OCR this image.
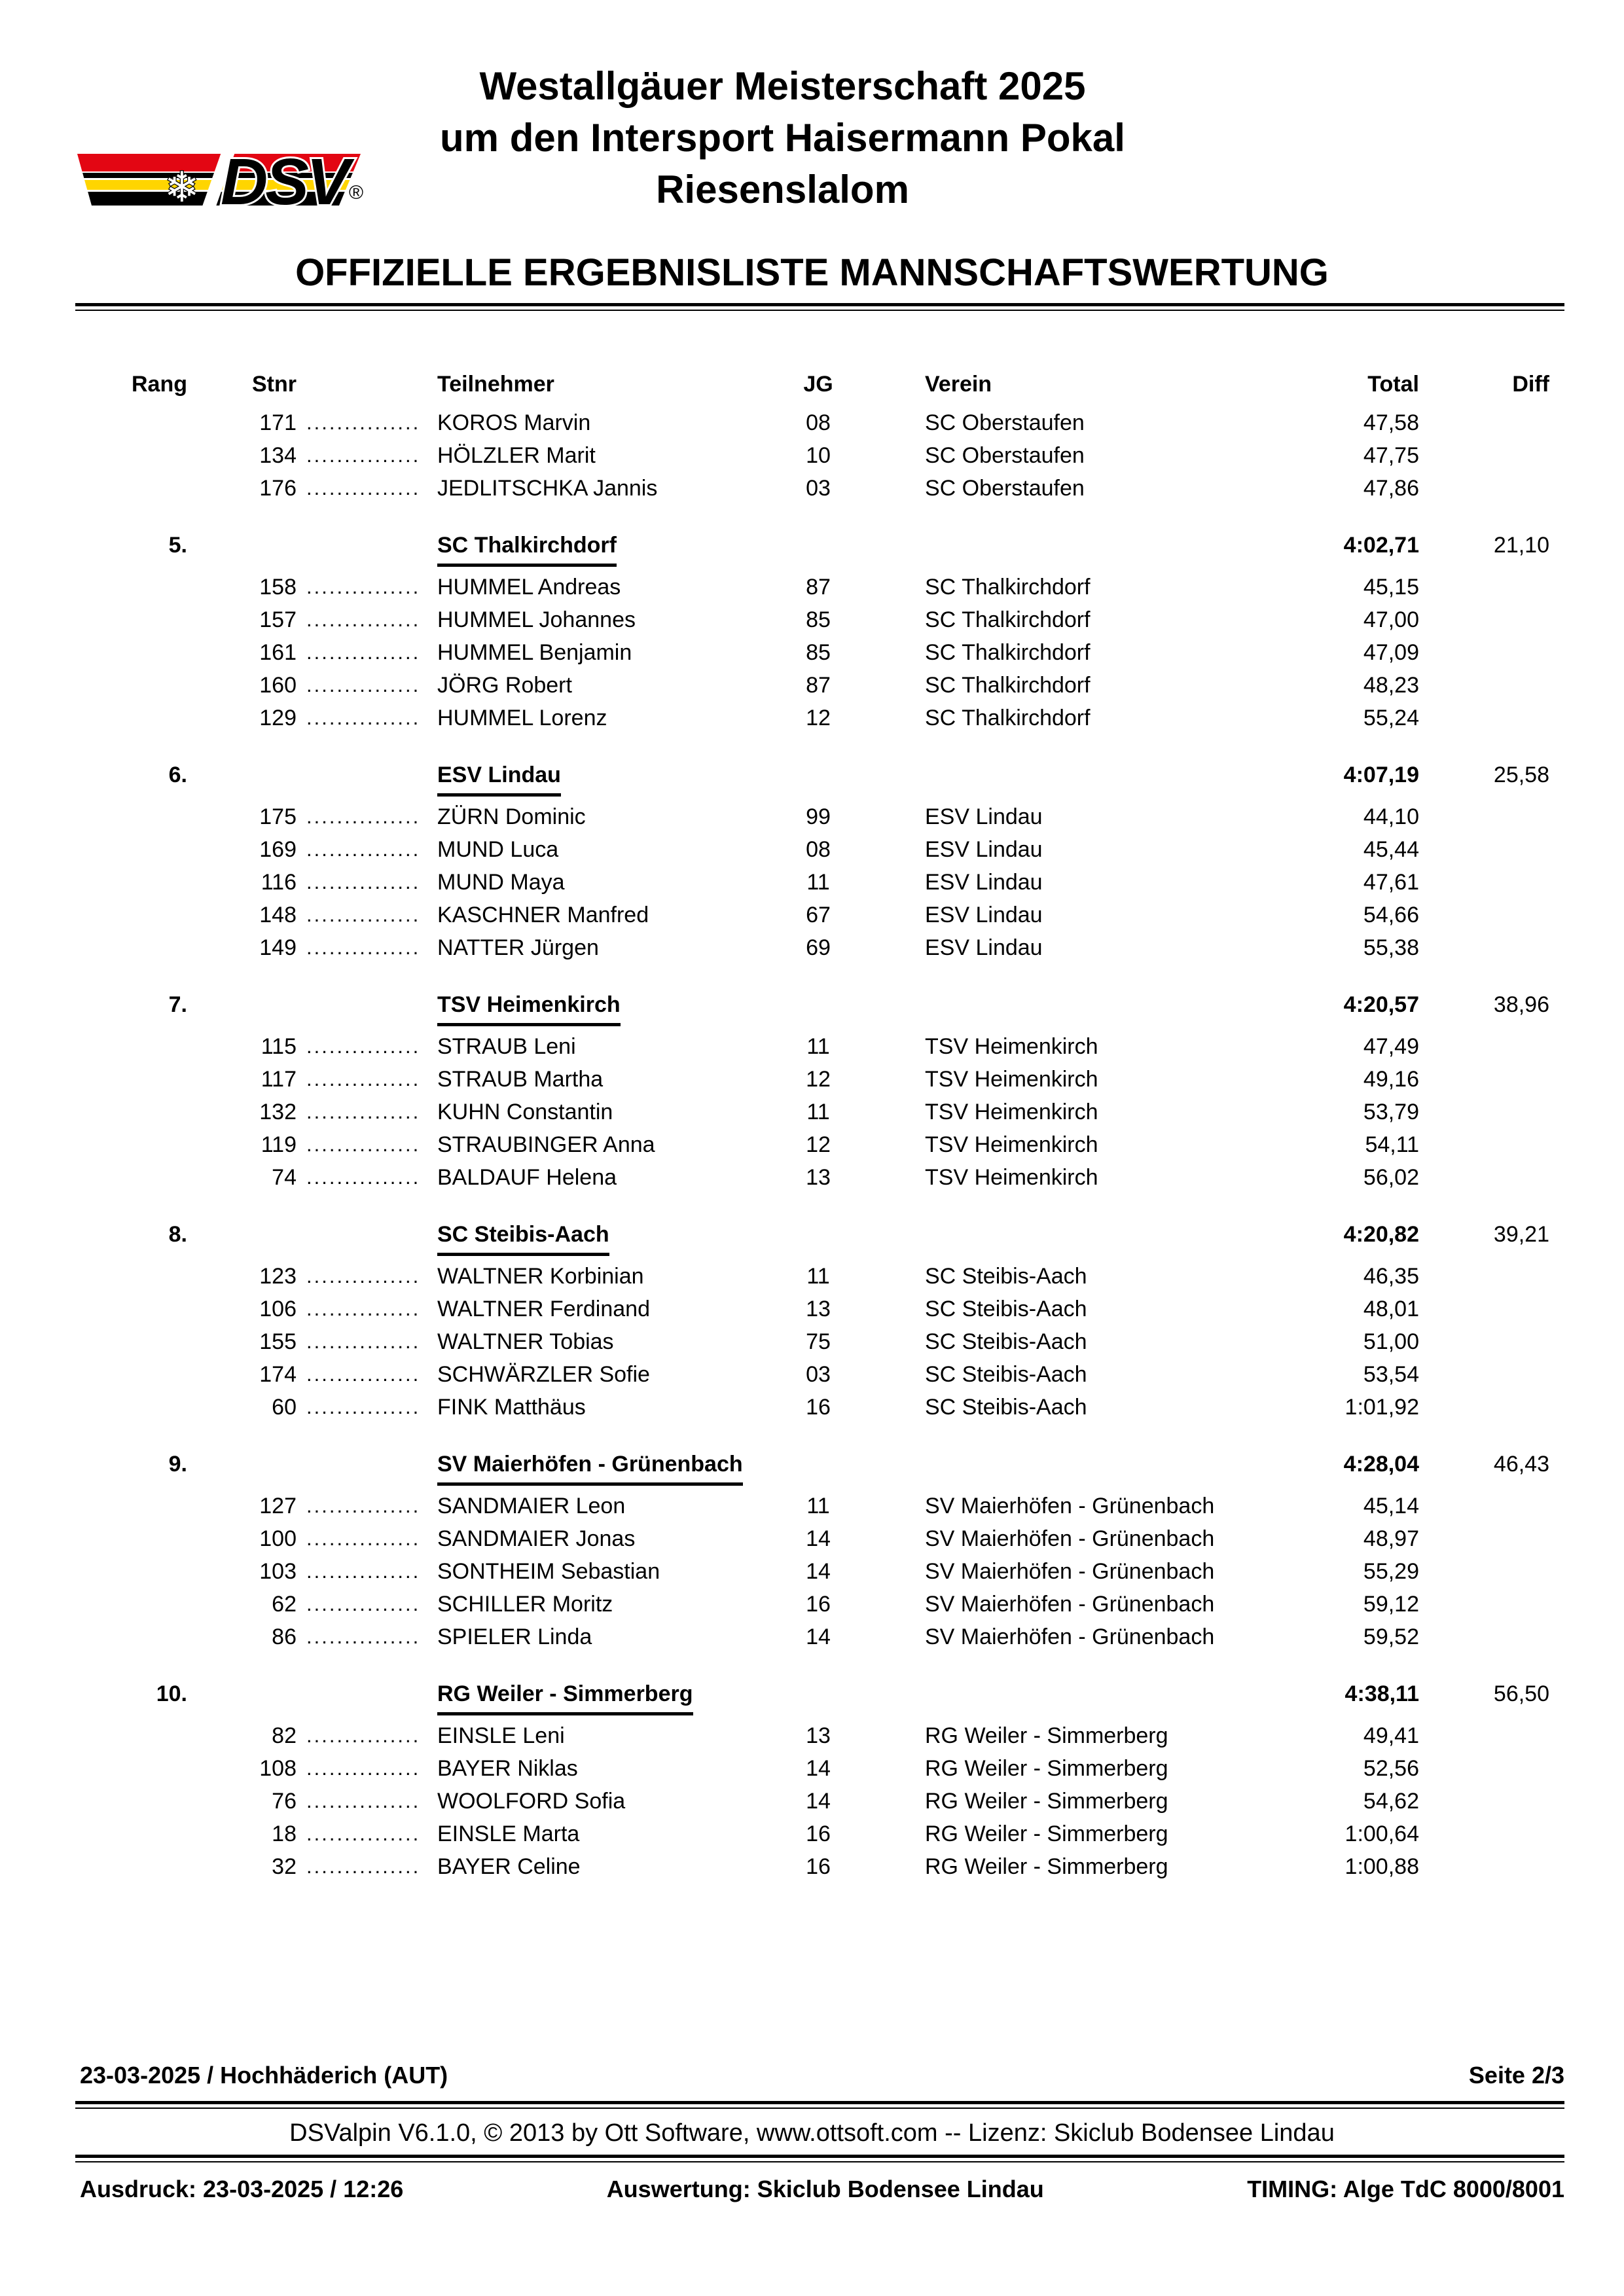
❄ DSV ®
Westallgäuer Meisterschaft 2025
um den Intersport Haisermann Pokal
Riesenslalom
OFFIZIELLE ERGEBNISLISTE MANNSCHAFTSWERTUNG
Rang	Stnr	Teilnehmer	JG	Verein	Total	Diff
171 ............... KOROS Marvin	08	SC Oberstaufen	47,58
134 ............... HÖLZLER Marit	10	SC Oberstaufen	47,75
176 ............... JEDLITSCHKA Jannis	03	SC Oberstaufen	47,86
5.	SC Thalkirchdorf	4:02,71	21,10
158 ............... HUMMEL Andreas	87	SC Thalkirchdorf	45,15
157 ............... HUMMEL Johannes	85	SC Thalkirchdorf	47,00
161 ............... HUMMEL Benjamin	85	SC Thalkirchdorf	47,09
160 ............... JÖRG Robert	87	SC Thalkirchdorf	48,23
129 ............... HUMMEL Lorenz	12	SC Thalkirchdorf	55,24
6.	ESV Lindau	4:07,19	25,58
175 ............... ZÜRN Dominic	99	ESV Lindau	44,10
169 ............... MUND Luca	08	ESV Lindau	45,44
116 ............... MUND Maya	11	ESV Lindau	47,61
148 ............... KASCHNER Manfred	67	ESV Lindau	54,66
149 ............... NATTER Jürgen	69	ESV Lindau	55,38
7.	TSV Heimenkirch	4:20,57	38,96
115 ............... STRAUB Leni	11	TSV Heimenkirch	47,49
117 ............... STRAUB Martha	12	TSV Heimenkirch	49,16
132 ............... KUHN Constantin	11	TSV Heimenkirch	53,79
119 ............... STRAUBINGER Anna	12	TSV Heimenkirch	54,11
74 ............... BALDAUF Helena	13	TSV Heimenkirch	56,02
8.	SC Steibis-Aach	4:20,82	39,21
123 ............... WALTNER Korbinian	11	SC Steibis-Aach	46,35
106 ............... WALTNER Ferdinand	13	SC Steibis-Aach	48,01
155 ............... WALTNER Tobias	75	SC Steibis-Aach	51,00
174 ............... SCHWÄRZLER Sofie	03	SC Steibis-Aach	53,54
60 ............... FINK Matthäus	16	SC Steibis-Aach	1:01,92
9.	SV Maierhöfen - Grünenbach	4:28,04	46,43
127 ............... SANDMAIER Leon	11	SV Maierhöfen - Grünenbach	45,14
100 ............... SANDMAIER Jonas	14	SV Maierhöfen - Grünenbach	48,97
103 ............... SONTHEIM Sebastian	14	SV Maierhöfen - Grünenbach	55,29
62 ............... SCHILLER Moritz	16	SV Maierhöfen - Grünenbach	59,12
86 ............... SPIELER Linda	14	SV Maierhöfen - Grünenbach	59,52
10.	RG Weiler - Simmerberg	4:38,11	56,50
82 ............... EINSLE Leni	13	RG Weiler - Simmerberg	49,41
108 ............... BAYER Niklas	14	RG Weiler - Simmerberg	52,56
76 ............... WOOLFORD Sofia	14	RG Weiler - Simmerberg	54,62
18 ............... EINSLE Marta	16	RG Weiler - Simmerberg	1:00,64
32 ............... BAYER Celine	16	RG Weiler - Simmerberg	1:00,88
23-03-2025 / Hochhäderich (AUT)	Seite 2/3
DSValpin V6.1.0, © 2013 by Ott Software, www.ottsoft.com -- Lizenz: Skiclub Bodensee Lindau
Ausdruck: 23-03-2025 / 12:26	Auswertung: Skiclub Bodensee Lindau	TIMING: Alge TdC 8000/8001
